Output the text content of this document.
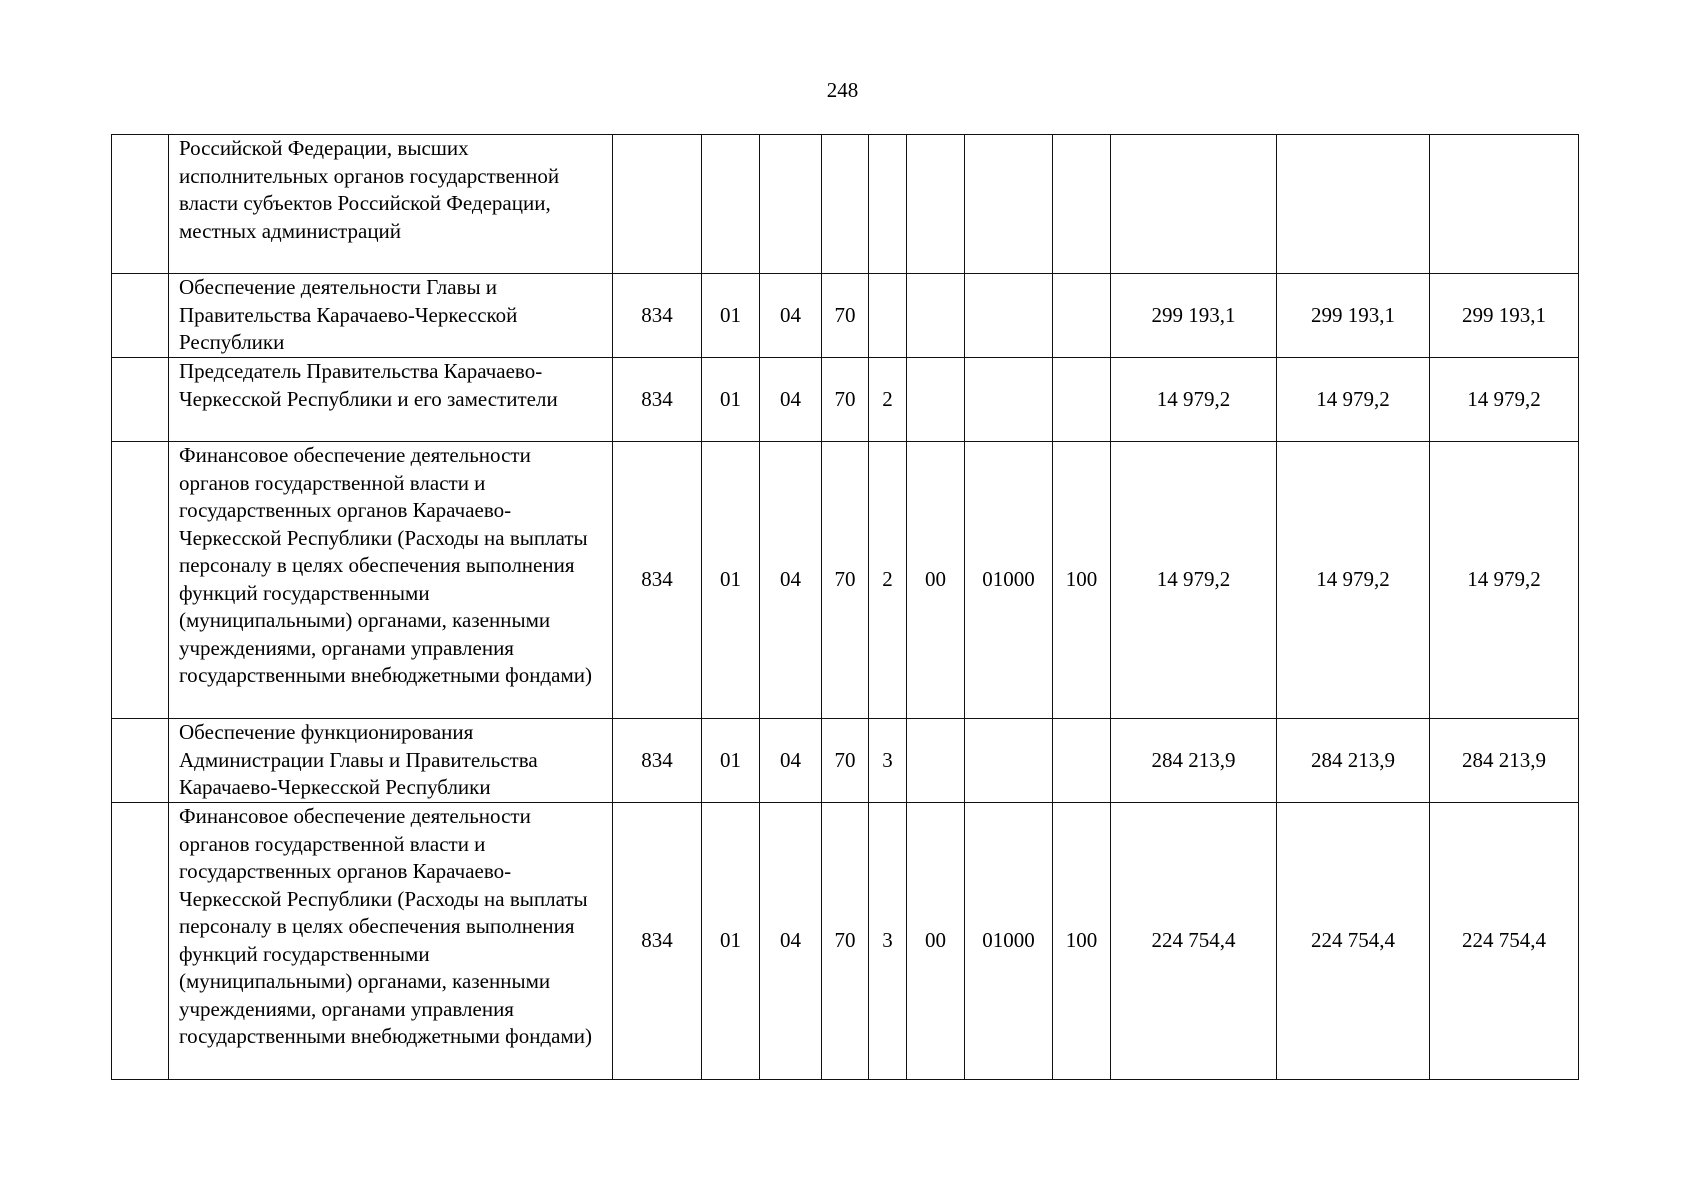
248
	Российской Федерации, высших исполнительных органов государственной власти субъектов Российской Федерации, местных администраций											
	Обеспечение деятельности Главы и Правительства Карачаево-Черкесской Республики	834	01	04	70					299 193,1	299 193,1	299 193,1
	Председатель Правительства Карачаево-Черкесской Республики и его заместители	834	01	04	70	2				14 979,2	14 979,2	14 979,2
	Финансовое обеспечение деятельности органов государственной власти и государственных органов Карачаево-Черкесской Республики (Расходы на выплаты персоналу в целях обеспечения выполнения функций государственными (муниципальными) органами, казенными учреждениями, органами управления государственными внебюджетными фондами)	834	01	04	70	2	00	01000	100	14 979,2	14 979,2	14 979,2
	Обеспечение функционирования Администрации Главы и Правительства Карачаево-Черкесской Республики	834	01	04	70	3				284 213,9	284 213,9	284 213,9
	Финансовое обеспечение деятельности органов государственной власти и государственных органов Карачаево-Черкесской Республики (Расходы на выплаты персоналу в целях обеспечения выполнения функций государственными (муниципальными) органами, казенными учреждениями, органами управления государственными внебюджетными фондами)	834	01	04	70	3	00	01000	100	224 754,4	224 754,4	224 754,4
